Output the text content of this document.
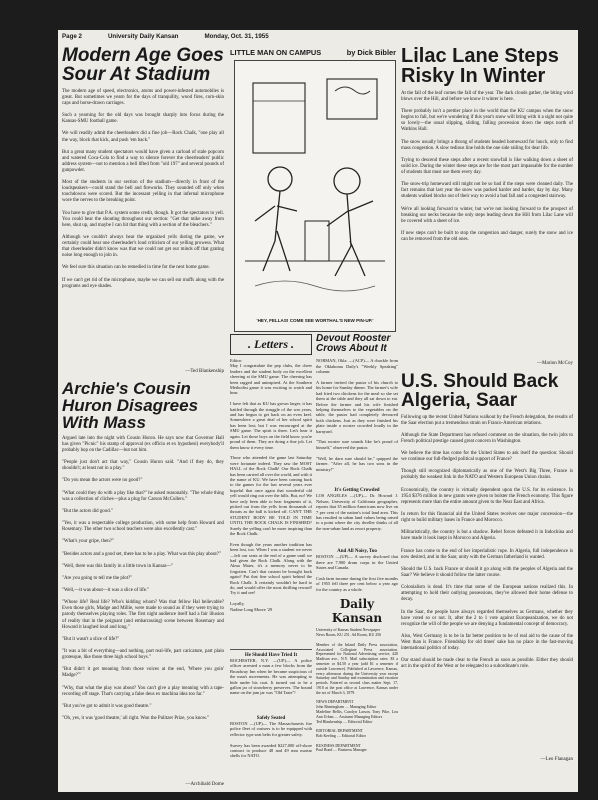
Page 2	University Daily Kansan	Monday, Oct. 31, 1955
Modern Age Goes Sour At Stadium

The modern age of speed, electronics, atoms and power-infested automobiles is great. But sometimes we yearn for the days of tranquility, wood fires, corn-skin caps and horse-drawn carriages.

Such a yearning for the old days was brought sharply into focus during the Kansas-SMU football game.

We will readily admit the cheerleaders did a fine job—Rock Chalk, "one play all the way, block that kick, and push 'em back."

But a great many student spectators would have given a carload of stale popcorn and watered Coca-Cola to find a way to silence forever the cheerleaders' public address system—not to mention a bell lifted from "old 197" and several pounds of gunpowder.

Most of the students in our section of the stadium—directly in front of the loudspeakers—could stand the bell and fireworks. They sounded off only when touchdowns were scored. But the incessant yelling in that infernal microphone wore the nerves to the breaking point.

You have to give that P.A. system some credit, though. It got the spectators to yell. You could hear the shouting throughout our section: "Get that mike away from here, shut up, and maybe I can hit that thing with a section of the bleachers."

Although we couldn't always hear the organized yells during the game, we certainly could hear one cheerleader's loud criticism of our yelling prowess. What that cheerleader didn't know was that we could not get our minds off that grating noise long enough to join in.

We feel sure this situation can be remedied in time for the next home game.

If we can't get rid of the microphone, maybe we can sell ear muffs along with the programs and eye shades.

—Ted Blankenship
Archie's Cousin Huron Disagrees With Mass

Argued late into the night with Cousin Huron. He says now that Governor Hall has given "Picnic" his stamp of approval (ex officio et ex hypothesi) everybody'll probably hop on the Cadillac—but not him.

"People just don't act that way," Cousin Huron said. "And if they do, they shouldn't; at least not in a play."

"Do you mean the actors were no good?"

"What could they do with a play like that?" he asked reasonably. "The whole thing was a collection of cliches—plus a plug for Carson McCullers."

"But the actors did good."

"Yes, it was a respectable college production, with some help from Howard and Rosemary. The other two school teachers were also excellently cast."

"What's your gripe, then?"

"Besides actors and a good set, there has to be a play. What was this play about?"

"Well, there was this family in a little town in Kansas—"

"Are you going to tell me the plot?"

"Well,—it was about—it was a slice of life."

"Whose life? Real life? Who's kidding whom? Was that fellow Hal believable? Even those girls, Madge and Millie, were made to sound as if they were trying to parody themselves playing roles. The first night audience itself had a fair illusion of reality that in the poignant (and embarrassing) scene between Rosemary and Howard it laughed loud and long."

"But it wasn't a slice of life?"

"It was a bit of everything—and nothing, part real-life, part caricature, part plain grotesque, like those three high school boys."

"But didn't it get meaning from those voices at the end, 'Where you goin' Madge?'"

"Why, that what the play was about? You can't give a play meaning with a tape-recording off stage. That's carrying a false deus ex machina idea too far."

"But you've got to admit it was good theatre."

"Oh, yes, it was 'good theatre,' all right. Won the Pulitzer Prize, you know."

—Archibald Dome
LITTLE MAN ON CAMPUS	by Dick Bibler
'HEY, FELLAS! COME SEE WORTHAL'S NEW PIN-UP.'
. Letters .

Editor:
May I congratulate the pep clubs, the cheer leaders and the student body on the excellent cheering at the SMU game. The cheering has been ragged and uninspired. At the Southern Methodist game it was exciting to watch and hear.

I have felt that as KU has grown larger, it has battled through the struggle of the war years, and has begun to get back on an even keel. Somewhere a great deal of her school spirit has been lost; but I was encouraged at the SMU game. The spirit is there. Let's hear it again. Let those boys on the field know you're proud of them. They are doing a fine job. Let them know it every time.

Those who attended the game last Saturday were fortunate indeed. They saw the MOST HALL of the Rock Chalk! Our Rock Chalk has been carried all over the world, and with it the name of KU. We have been coming back to the games for the last several years ever hopeful that once again that wonderful old yell would ring out over the hills. But, no! We have only been able to hear fragments of it, picked out from the yells from thousands of throats as the ball is kicked off. CAN'T THE STUDENT BODY BE TOLD IN TIME UNTIL THE ROCK CHALK IS FINISHED? Surely the yelling can't be more inspiring than the Rock Chalk.

Even though the years another tradition has been lost, too. When I was a student we never—left our seats at the end of a game until we had given the Rock Chalk. Along with the Alma Mater, it's a memory never to be forgotten. Can't that custom be brought back again? Put that fine school spirit behind the Rock Chalk. It certainly wouldn't be hard to do, and would offer the most thrilling reward! Try it and see!

Loyally,
Nadine Long Moore '29

He Should Have Tried It

ROCHESTER, N.Y. —(UP)— A police officer arrested a man a few blocks from the Broadway Inn when he became suspicious of the man's movements. He was attempting to hide under his coat. It turned out to be a gallon jar of strawberry preserves. The bound name on the jam jar was "Old Taste"!

Safely Seated

BOSTON —(UP)— The Massachusetts fire police fleet of cruisers is to be equipped with reflector type seat belts for greater safety.

Survey has been awarded $227,000 off-shore contract to produce 48 and 49 mm mortar shells for NATO.

Devout Rooster Crows About It

NORMAN, Okla. —(ACP)— A chuckle from the Oklahoma Daily's "Weekly Speaking" column:

A farmer invited the pastor of his church to his home for Sunday dinner. The farmer's wife had fried two chickens for the meal so she set them at the table and they all sat down to eat. Before the farmer and his wife finished helping themselves to the vegetables on the table, the pastor had completely devoured both chickens. Just as they were finished his plate inside a rooster crowded loudly in the barnyard.

"That rooster sure sounds like he's proud of himself," observed the pastor.

"Well, he darn sure should be," quipped the farmer. "After all, he has two sons in the ministry!"

It's Getting Crowded

LOS ANGELES —(UP)— Dr. Howard J. Nelson, University of California geographer, reports that 35 million Americans now live on 7 per cent of the nation's total land area. This has resulted in urban land values being raised to a point where the city dweller thinks of all the non-urban land as resort property.

And All Noisy, Too

BOSTON —(UP)— A survey disclosed that there are 7,900 drum corps in the United States and Canada.

Cash farm income during the first five months of 1955 fell three per cent below a year ago for the country as a whole.

Daily Kansan

University of Kansas Student Newspaper
News Room, KU 251. Ad Room, KU 256

Member of the Inland Daily Press association, Associated Collegiate Press association. Represented for National Advertising service, 420 Madison ave., N.Y. Mail subscription rates: $3 a semester or $4.50 a year (add $1 a semester if outside Lawrence). Published at Lawrence, Kansas, every afternoon during the University year except Saturday and Sunday and examination and vacation periods. Entered as second class matter Sept. 17, 1910 at the post office at Lawrence, Kansas under the act of March 3, 1879.

NEWS DEPARTMENT
John Birmingham .... Managing Editor
Madeline Bellis, Carolyn Larson, Tony Pike, Lou Ann Urban .... Assistant Managing Editors
Ted Blankenship .... Editorial Editor

EDITORIAL DEPARTMENT
Bob Keeling .... Editorial Editor

BUSINESS DEPARTMENT
Paul Bond .... Business Manager

Lilac Lane Steps Risky In Winter

At the fall of the leaf comes the fall of the year. The dark clouds gather, the biting wind blows over the Hill, and before we know it winter is here.

There probably isn't a prettier place in the world than the KU campus when the snow begins to fall, but we're wondering if this year's snow will bring with it a sight not quite so lovely—the usual slipping, sliding, falling procession down the steps north of Watkins Hall.

The snow usually brings a throng of students headed homeward for lunch, only to find mass congestion. A slow tedious line holds the one side railing for dear life.

Trying to descend these steps after a recent snowfall is like walking down a sheet of solid ice. During the winter these steps are for the most part impassable for the number of students that must use them every day.

The snow-trip homeward still might not be so bad if the steps were cleaned daily. The fact remains that last year the snow was packed harder and harder, day by day. Many students walked blocks out of their way to avoid a bad fall and a congested stairway.

We're all looking forward to winter, but we're not looking forward to the prospect of breaking our necks because the only steps leading down the Hill from Lilac Lane will be covered with a sheet of ice.

If new steps can't be built to stop the congestion and danger, surely the snow and ice can be removed from the old ones.

—Marion McCoy
U.S. Should Back Algeria, Saar

Following up the recent United Nations walkout by the French delegation, the results of the Saar election put a tremendous strain on Franco-American relations.

Although the State Department has refused comment on the situation, the twin jolts to French political prestige caused great concern in Washington.

We believe the time has come for the United States to ask itself the question: Should we continue our full-fledged political support of France?

Though still recognized diplomatically as one of the West's Big Three, France is probably the weakest link in the NATO and Western European Union chains.

Economically, the country is virtually dependent upon the U.S. for its existence. In 1954 $376 million in new grants were given to bolster the French economy. This figure represents more than the entire amount given to the Near East and Africa.

In return for this financial aid the United States receives one major concession—the right to build military bases in France and Morocco.

Militaristically, the country is but a shadow. Rebel forces defeated it in Indochina and have made it look inept in Morocco and Algeria.

France has come to the end of her imperialistic rope. In Algeria, full independence is now desired, and in the Saar, unity with the German fatherland is wanted.

Should the U.S. back France or should it go along with the peoples of Algeria and the Saar? We believe it should follow the latter course.

Colonialism is dead. It's time that some of the European nations realized this. In attempting to hold their outlying possessions, they've allowed their home defense to decay.

In the Saar, the people have always regarded themselves as Germans, whether they have voted so or not. It, after the 2 to 1 vote against Europeanization, we do not recognize the will of the people we are denying a fundamental concept of democracy.

Also, West Germany is to be in far better position to be of real aid to the cause of the West than is France. Friendship for old times' sake has no place in the fast-moving international politics of today.

Our stand should be made clear to the French as soon as possible. Either they should act in the spirit of the West or be relegated to a subordinate's role.

—Leo Flanagan
